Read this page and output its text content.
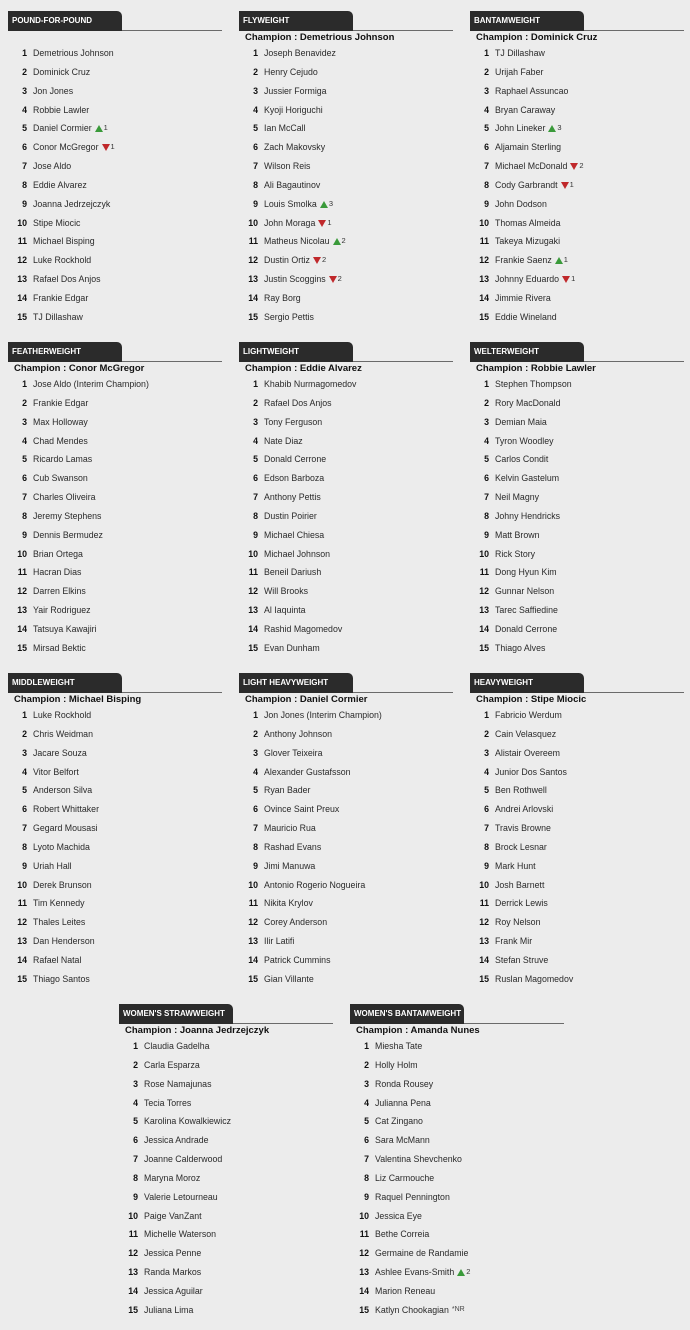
POUND-FOR-POUND
1 Demetrious Johnson
2 Dominick Cruz
3 Jon Jones
4 Robbie Lawler
5 Daniel Cormier 1
6 Conor McGregor 1
7 Jose Aldo
8 Eddie Alvarez
9 Joanna Jedrzejczyk
10 Stipe Miocic
11 Michael Bisping
12 Luke Rockhold
13 Rafael Dos Anjos
14 Frankie Edgar
15 TJ Dillashaw
FLYWEIGHT
Champion : Demetrious Johnson
1 Joseph Benavidez
2 Henry Cejudo
3 Jussier Formiga
4 Kyoji Horiguchi
5 Ian McCall
6 Zach Makovsky
7 Wilson Reis
8 Ali Bagautinov
9 Louis Smolka 3
10 John Moraga 1
11 Matheus Nicolau 2
12 Dustin Ortiz 2
13 Justin Scoggins 2
14 Ray Borg
15 Sergio Pettis
BANTAMWEIGHT
Champion : Dominick Cruz
1 TJ Dillashaw
2 Urijah Faber
3 Raphael Assuncao
4 Bryan Caraway
5 John Lineker 3
6 Aljamain Sterling
7 Michael McDonald 2
8 Cody Garbrandt 1
9 John Dodson
10 Thomas Almeida
11 Takeya Mizugaki
12 Frankie Saenz 1
13 Johnny Eduardo 1
14 Jimmie Rivera
15 Eddie Wineland
FEATHERWEIGHT
Champion : Conor McGregor
1 Jose Aldo (Interim Champion)
2 Frankie Edgar
3 Max Holloway
4 Chad Mendes
5 Ricardo Lamas
6 Cub Swanson
7 Charles Oliveira
8 Jeremy Stephens
9 Dennis Bermudez
10 Brian Ortega
11 Hacran Dias
12 Darren Elkins
13 Yair Rodriguez
14 Tatsuya Kawajiri
15 Mirsad Bektic
LIGHTWEIGHT
Champion : Eddie Alvarez
1 Khabib Nurmagomedov
2 Rafael Dos Anjos
3 Tony Ferguson
4 Nate Diaz
5 Donald Cerrone
6 Edson Barboza
7 Anthony Pettis
8 Dustin Poirier
9 Michael Chiesa
10 Michael Johnson
11 Beneil Dariush
12 Will Brooks
13 Al Iaquinta
14 Rashid Magomedov
15 Evan Dunham
WELTERWEIGHT
Champion : Robbie Lawler
1 Stephen Thompson
2 Rory MacDonald
3 Demian Maia
4 Tyron Woodley
5 Carlos Condit
6 Kelvin Gastelum
7 Neil Magny
8 Johny Hendricks
9 Matt Brown
10 Rick Story
11 Dong Hyun Kim
12 Gunnar Nelson
13 Tarec Saffiedine
14 Donald Cerrone
15 Thiago Alves
MIDDLEWEIGHT
Champion : Michael Bisping
1 Luke Rockhold
2 Chris Weidman
3 Jacare Souza
4 Vitor Belfort
5 Anderson Silva
6 Robert Whittaker
7 Gegard Mousasi
8 Lyoto Machida
9 Uriah Hall
10 Derek Brunson
11 Tim Kennedy
12 Thales Leites
13 Dan Henderson
14 Rafael Natal
15 Thiago Santos
LIGHT HEAVYWEIGHT
Champion : Daniel Cormier
1 Jon Jones (Interim Champion)
2 Anthony Johnson
3 Glover Teixeira
4 Alexander Gustafsson
5 Ryan Bader
6 Ovince Saint Preux
7 Mauricio Rua
8 Rashad Evans
9 Jimi Manuwa
10 Antonio Rogerio Nogueira
11 Nikita Krylov
12 Corey Anderson
13 Ilir Latifi
14 Patrick Cummins
15 Gian Villante
HEAVYWEIGHT
Champion : Stipe Miocic
1 Fabricio Werdum
2 Cain Velasquez
3 Alistair Overeem
4 Junior Dos Santos
5 Ben Rothwell
6 Andrei Arlovski
7 Travis Browne
8 Brock Lesnar
9 Mark Hunt
10 Josh Barnett
11 Derrick Lewis
12 Roy Nelson
13 Frank Mir
14 Stefan Struve
15 Ruslan Magomedov
WOMEN'S STRAWWEIGHT
Champion : Joanna Jedrzejczyk
1 Claudia Gadelha
2 Carla Esparza
3 Rose Namajunas
4 Tecia Torres
5 Karolina Kowalkiewicz
6 Jessica Andrade
7 Joanne Calderwood
8 Maryna Moroz
9 Valerie Letourneau
10 Paige VanZant
11 Michelle Waterson
12 Jessica Penne
13 Randa Markos
14 Jessica Aguilar
15 Juliana Lima
WOMEN'S BANTAMWEIGHT
Champion : Amanda Nunes
1 Miesha Tate
2 Holly Holm
3 Ronda Rousey
4 Julianna Pena
5 Cat Zingano
6 Sara McMann
7 Valentina Shevchenko
8 Liz Carmouche
9 Raquel Pennington
10 Jessica Eye
11 Bethe Correia
12 Germaine de Randamie
13 Ashlee Evans-Smith 2
14 Marion Reneau
15 Katlyn Chookagian *NR
